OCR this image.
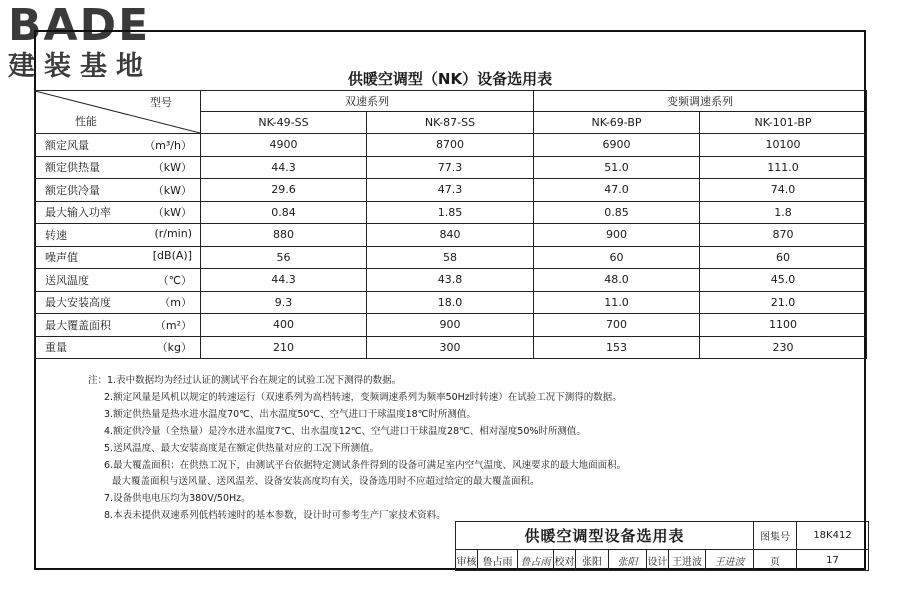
BADE
建装基地	供暖空调型（NK）设备选用表
型号
性能	双速系列		变频调速系列	
	NK-49-SS	NK-87-SS	NK-69-BP	NK-101-BP

额定风量 （m³/h）	4900	8700	6900	10100

额定供热量 （kW）	44.3	77.3	51.0	111.0

额定供冷量 （kW）	29.6	47.3	47.0	74.0

最大输入功率 （kW）	0.84	1.85	0.85	1.8

转速 (r/min)	880	840	900	870

噪声值 [dB(A)]	56	58	60	60

送风温度 （℃）	44.3	43.8	48.0	45.0

最大安装高度 （m）	9.3	18.0	11.0	21.0

最大覆盖面积 （m²）	400	900	700	1100

重量 （kg）	210	300	153	230
注：1.表中数据均为经过认证的测试平台在规定的试验工况下测得的数据。
2.额定风量是风机以规定的转速运行（双速系列为高档转速，变频调速系列为频率50Hz时转速）在试验工况下测得的数据。
3.额定供热量是热水进水温度70℃、出水温度50℃、空气进口干球温度18℃时所测值。
4.额定供冷量（全热量）是冷水进水温度7℃、出水温度12℃、空气进口干球温度28℃、相对湿度50%时所测值。
5.送风温度、最大安装高度是在额定供热量对应的工况下所测值。
6.最大覆盖面积：在供热工况下，由测试平台依据特定测试条件得到的设备可满足室内空气温度、风速要求的最大地面面积。
最大覆盖面积与送风量、送风温差、设备安装高度均有关，设备选用时不应超过给定的最大覆盖面积。
7.设备供电电压均为380V/50Hz。
8.本表未提供双速系列低档转速时的基本参数，设计时可参考生产厂家技术资料。
供暖空调型设备选用表									图集号	18K412
审核	鲁占雨	鲁占雨	校对	张阳	张阳	设计	王进波	王进波	页	17
